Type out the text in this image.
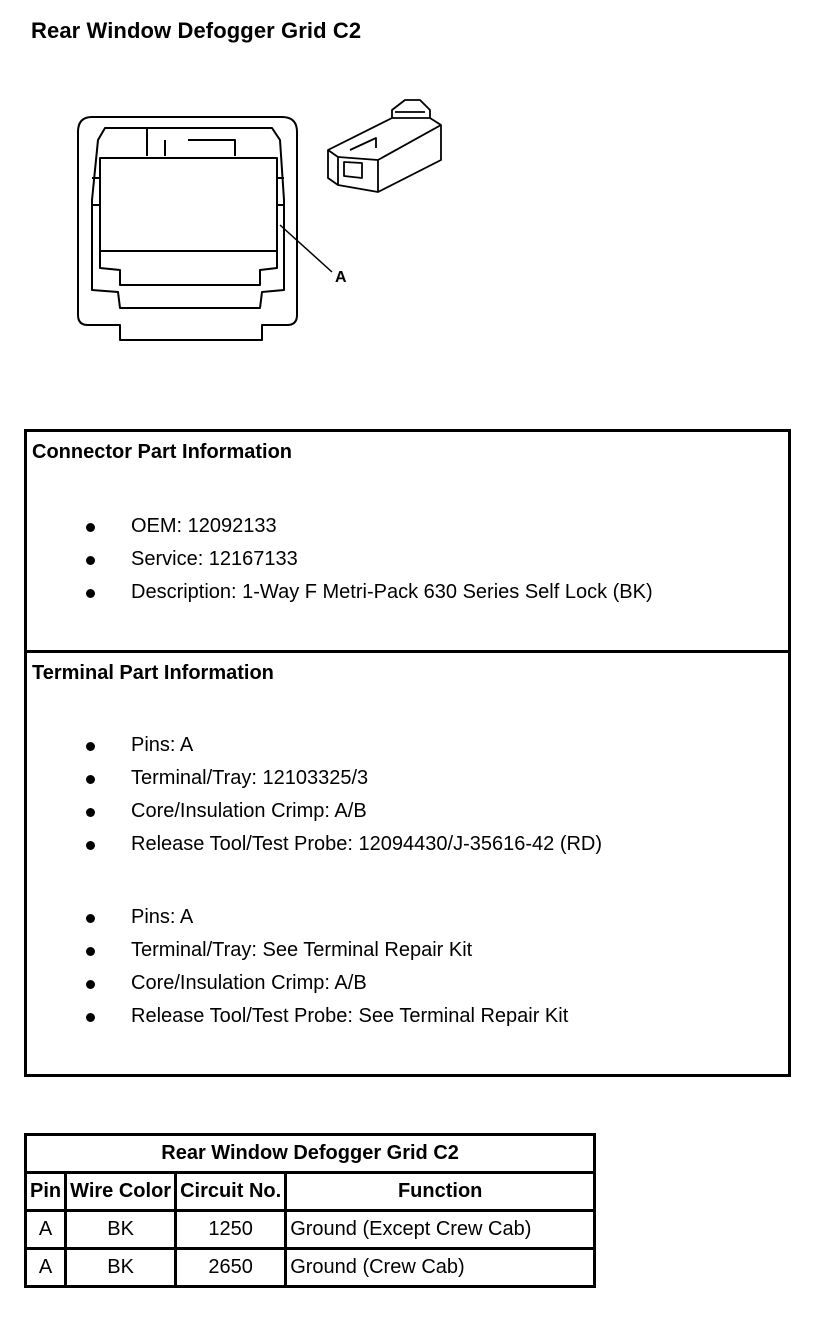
Rear Window Defogger Grid C2
A
Connector Part Information
OEM: 12092133
Service: 12167133
Description: 1-Way F Metri-Pack 630 Series Self Lock (BK)
Terminal Part Information
Pins: A
Terminal/Tray: 12103325/3
Core/Insulation Crimp: A/B
Release Tool/Test Probe: 12094430/J-35616-42 (RD)
Pins: A
Terminal/Tray: See Terminal Repair Kit
Core/Insulation Crimp: A/B
Release Tool/Test Probe: See Terminal Repair Kit
Rear Window Defogger Grid C2			
Pin	Wire Color	Circuit No.	Function
A	BK	1250	Ground (Except Crew Cab)
A	BK	2650	Ground (Crew Cab)
